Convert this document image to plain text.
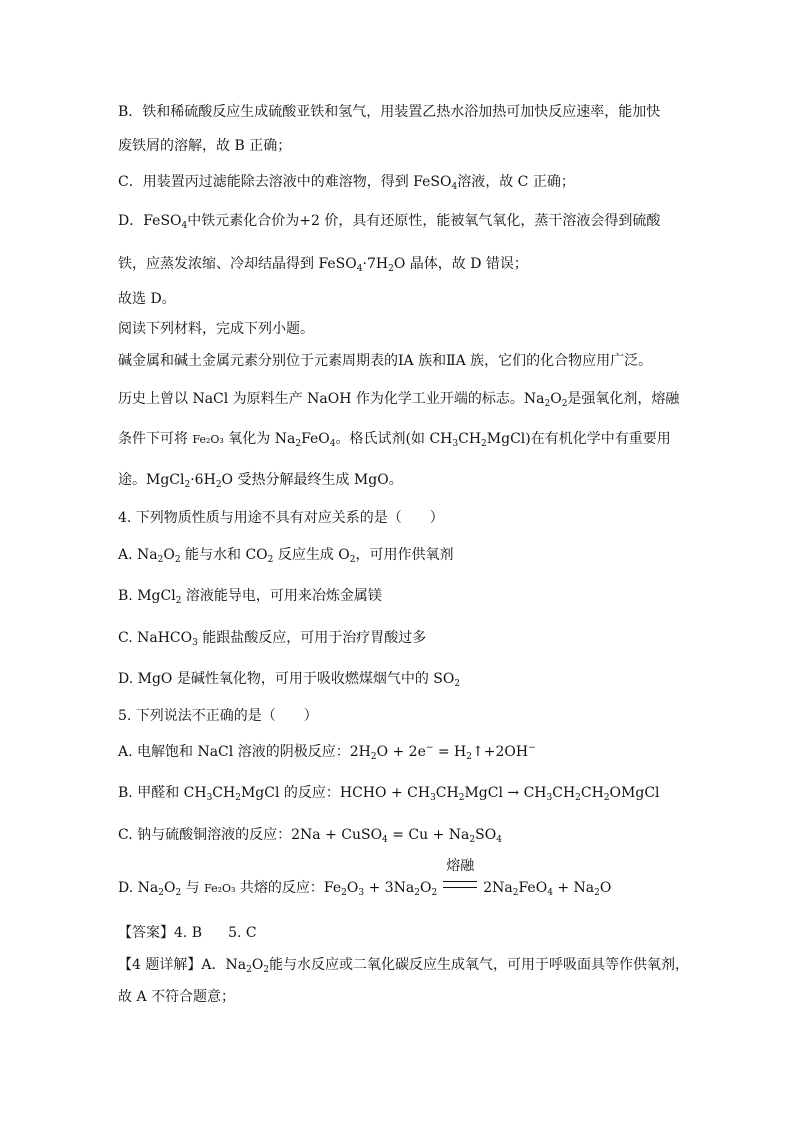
B．铁和稀硫酸反应生成硫酸亚铁和氢气，用装置乙热水浴加热可加快反应速率，能加快
废铁屑的溶解，故 B 正确；
C．用装置丙过滤能除去溶液中的难溶物，得到 FeSO$_4$溶液，故 C 正确；
D．FeSO$_4$中铁元素化合价为+2 价，具有还原性，能被氧气氧化，蒸干溶液会得到硫酸
铁，应蒸发浓缩、冷却结晶得到 $FeSO_4\cdot 7H_2O$ 晶体，故 D 错误；
故选 D。
阅读下列材料，完成下列小题。
碱金属和碱土金属元素分别位于元素周期表的ⅠA 族和ⅡA 族，它们的化合物应用广泛。
历史上曾以 NaCl 为原料生产 NaOH 作为化学工业开端的标志。$Na_2O_2$是强氧化剂，熔融
条件下可将 Fe₂O₃ 氧化为 $Na_2FeO_4$。格氏试剂(如 $CH_3CH_2MgCl$)在有机化学中有重要用
途。$MgCl_2\cdot 6H_2O$ 受热分解最终生成 MgO。
4. 下列物质性质与用途不具有对应关系的是（　　）
A. $Na_2O_2$ 能与水和 $CO_2$ 反应生成 $O_2$，可用作供氧剂
B. MgCl$_2$ 溶液能导电，可用来冶炼金属镁
C. NaHCO$_3$ 能跟盐酸反应，可用于治疗胃酸过多
D. MgO 是碱性氧化物，可用于吸收燃煤烟气中的 $SO_2$
5. 下列说法不正确的是（　　）
A. 电解饱和 NaCl 溶液的阴极反应：$2H_2O + 2e^-$ = $H_2↑+2OH^-$
B. 甲醛和 $CH_3CH_2MgCl$ 的反应：HCHO + $CH_3CH_2MgCl$ → $CH_3CH_2CH_2OMgCl$
C. 钠与硫酸铜溶液的反应：2Na + CuSO$_4$ = $Cu + Na_2SO_4$
D. $Na_2O_2$ 与 Fe₂O₃ 共熔的反应：$Fe_2O_3 + 3Na_2O_2$
熔融
$2Na_2FeO_4 + Na_2O$
【答案】4. B 5. C
【4 题详解】A．$Na_2O_2$能与水反应或二氧化碳反应生成氧气，可用于呼吸面具等作供氧剂，
故 A 不符合题意；
